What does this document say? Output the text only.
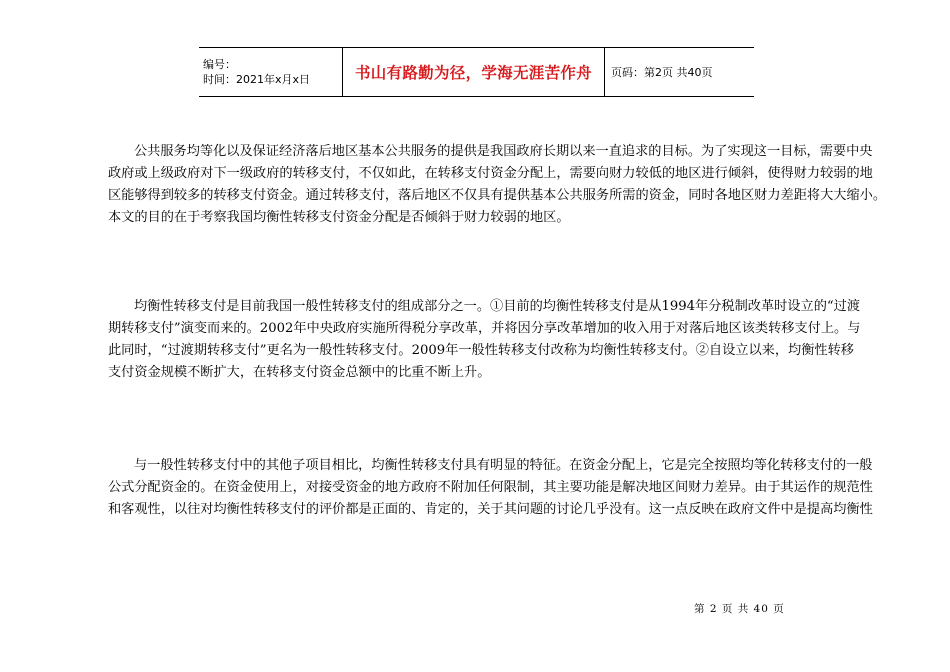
编号：
时间：2021年x月x日	书山有路勤为径，学海无涯苦作舟	页码：第2页 共40页
公共服务均等化以及保证经济落后地区基本公共服务的提供是我国政府长期以来一直追求的目标。为了实现这一目标，需要中央
政府或上级政府对下一级政府的转移支付，不仅如此，在转移支付资金分配上，需要向财力较低的地区进行倾斜，使得财力较弱的地
区能够得到较多的转移支付资金。通过转移支付，落后地区不仅具有提供基本公共服务所需的资金，同时各地区财力差距将大大缩小。
本文的目的在于考察我国均衡性转移支付资金分配是否倾斜于财力较弱的地区。
均衡性转移支付是目前我国一般性转移支付的组成部分之一。①目前的均衡性转移支付是从1994年分税制改革时设立的“过渡
期转移支付”演变而来的。2002年中央政府实施所得税分享改革，并将因分享改革增加的收入用于对落后地区该类转移支付上。与
此同时，“过渡期转移支付”更名为一般性转移支付。2009年一般性转移支付改称为均衡性转移支付。②自设立以来，均衡性转移
支付资金规模不断扩大，在转移支付资金总额中的比重不断上升。
与一般性转移支付中的其他子项目相比，均衡性转移支付具有明显的特征。在资金分配上，它是完全按照均等化转移支付的一般
公式分配资金的。在资金使用上，对接受资金的地方政府不附加任何限制，其主要功能是解决地区间财力差异。由于其运作的规范性
和客观性，以往对均衡性转移支付的评价都是正面的、肯定的，关于其问题的讨论几乎没有。这一点反映在政府文件中是提高均衡性
第 2 页 共 40 页
